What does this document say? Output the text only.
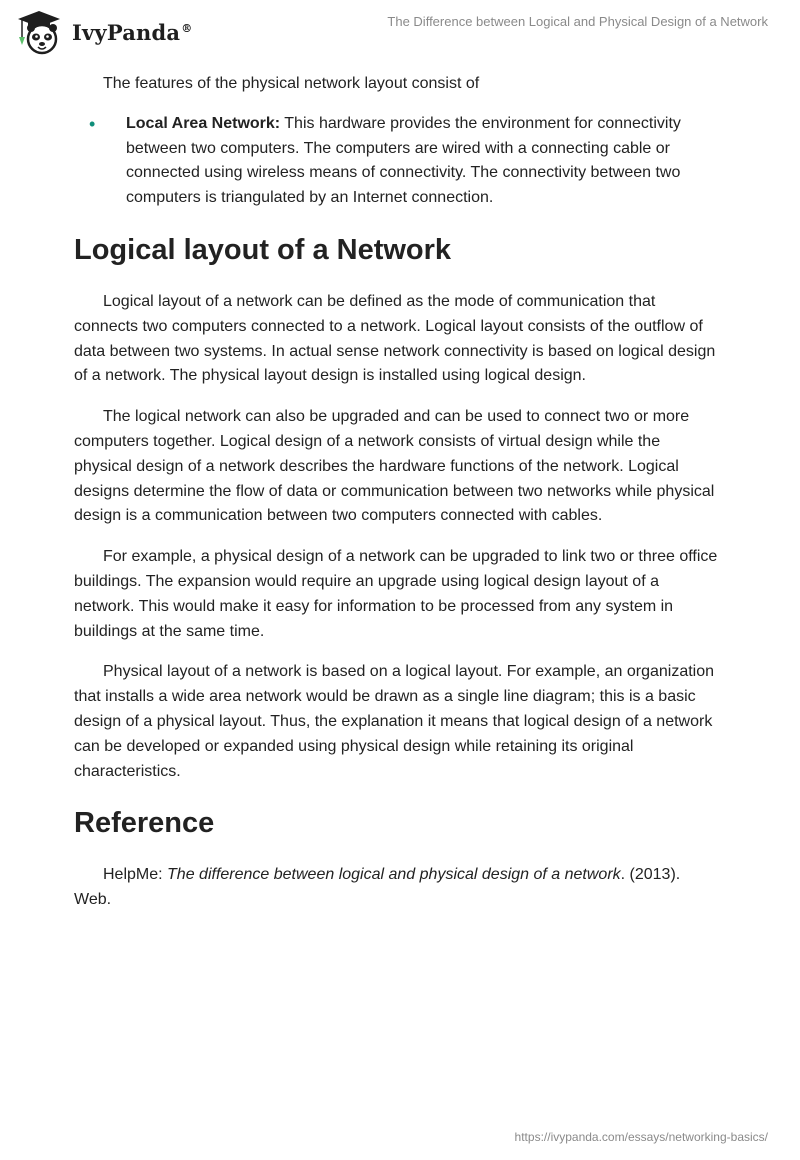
IvyPanda®	The Difference between Logical and Physical Design of a Network

The features of the physical network layout consist of

• Local Area Network: This hardware provides the environment for connectivity between two computers. The computers are wired with a connecting cable or connected using wireless means of connectivity. The connectivity between two computers is triangulated by an Internet connection.
Logical layout of a Network

Logical layout of a network can be defined as the mode of communication that connects two computers connected to a network. Logical layout consists of the outflow of data between two systems. In actual sense network connectivity is based on logical design of a network. The physical layout design is installed using logical design.

The logical network can also be upgraded and can be used to connect two or more computers together. Logical design of a network consists of virtual design while the physical design of a network describes the hardware functions of the network. Logical designs determine the flow of data or communication between two networks while physical design is a communication between two computers connected with cables.

For example, a physical design of a network can be upgraded to link two or three office buildings. The expansion would require an upgrade using logical design layout of a network. This would make it easy for information to be processed from any system in buildings at the same time.

Physical layout of a network is based on a logical layout. For example, an organization that installs a wide area network would be drawn as a single line diagram; this is a basic design of a physical layout. Thus, the explanation it means that logical design of a network can be developed or expanded using physical design while retaining its original characteristics.

Reference

HelpMe: The difference between logical and physical design of a network. (2013). Web.

https://ivypanda.com/essays/networking-basics/
